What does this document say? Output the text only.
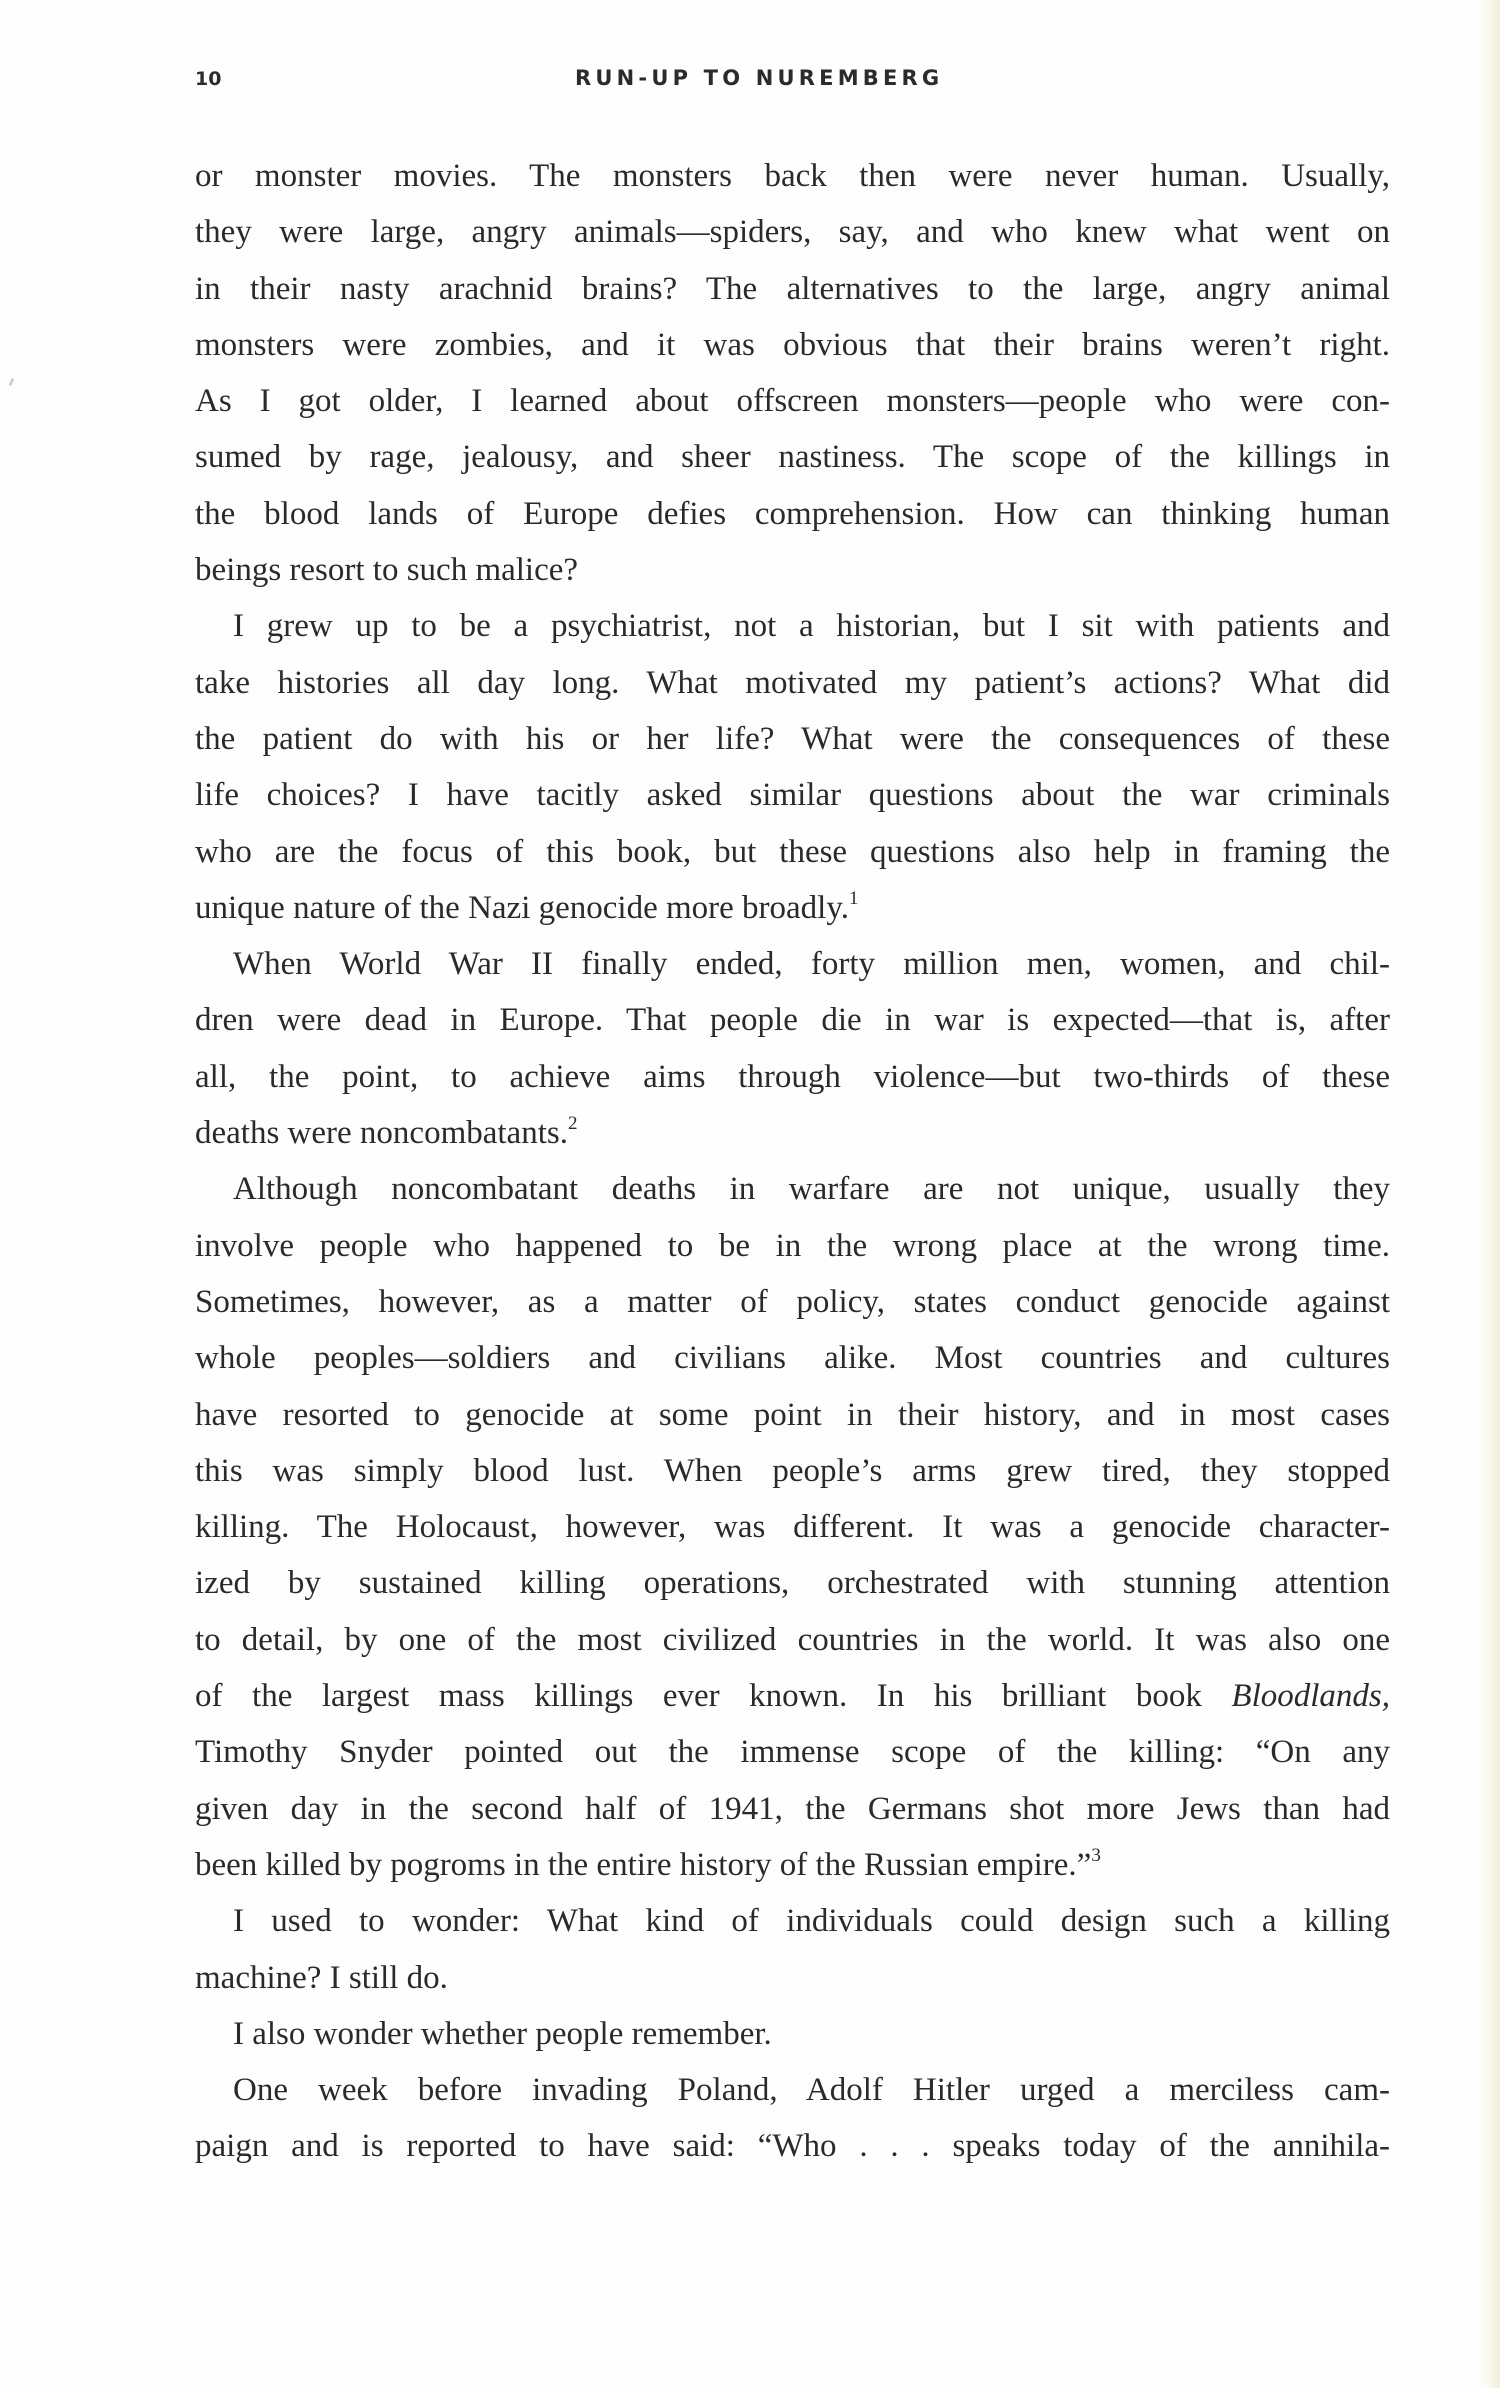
10	RUN-UP TO NUREMBERG
or monster movies. The monsters back then were never human. Usually,
they were large, angry animals—spiders, say, and who knew what went on
in their nasty arachnid brains? The alternatives to the large, angry animal
monsters were zombies, and it was obvious that their brains weren’t right.
As I got older, I learned about offscreen monsters—people who were con-
sumed by rage, jealousy, and sheer nastiness. The scope of the killings in
the blood lands of Europe defies comprehension. How can thinking human
beings resort to such malice?
I grew up to be a psychiatrist, not a historian, but I sit with patients and
take histories all day long. What motivated my patient’s actions? What did
the patient do with his or her life? What were the consequences of these
life choices? I have tacitly asked similar questions about the war criminals
who are the focus of this book, but these questions also help in framing the
unique nature of the Nazi genocide more broadly.$^1$
When World War II finally ended, forty million men, women, and chil-
dren were dead in Europe. That people die in war is expected—that is, after
all, the point, to achieve aims through violence—but two-thirds of these
deaths were noncombatants.$^2$
Although noncombatant deaths in warfare are not unique, usually they
involve people who happened to be in the wrong place at the wrong time.
Sometimes, however, as a matter of policy, states conduct genocide against
whole peoples—soldiers and civilians alike. Most countries and cultures
have resorted to genocide at some point in their history, and in most cases
this was simply blood lust. When people’s arms grew tired, they stopped
killing. The Holocaust, however, was different. It was a genocide character-
ized by sustained killing operations, orchestrated with stunning attention
to detail, by one of the most civilized countries in the world. It was also one
of the largest mass killings ever known. In his brilliant book Bloodlands,
Timothy Snyder pointed out the immense scope of the killing: “On any
given day in the second half of 1941, the Germans shot more Jews than had
been killed by pogroms in the entire history of the Russian empire.”$^3$
I used to wonder: What kind of individuals could design such a killing
machine? I still do.
I also wonder whether people remember.
One week before invading Poland, Adolf Hitler urged a merciless cam-
paign and is reported to have said: “Who . . . speaks today of the annihila-
